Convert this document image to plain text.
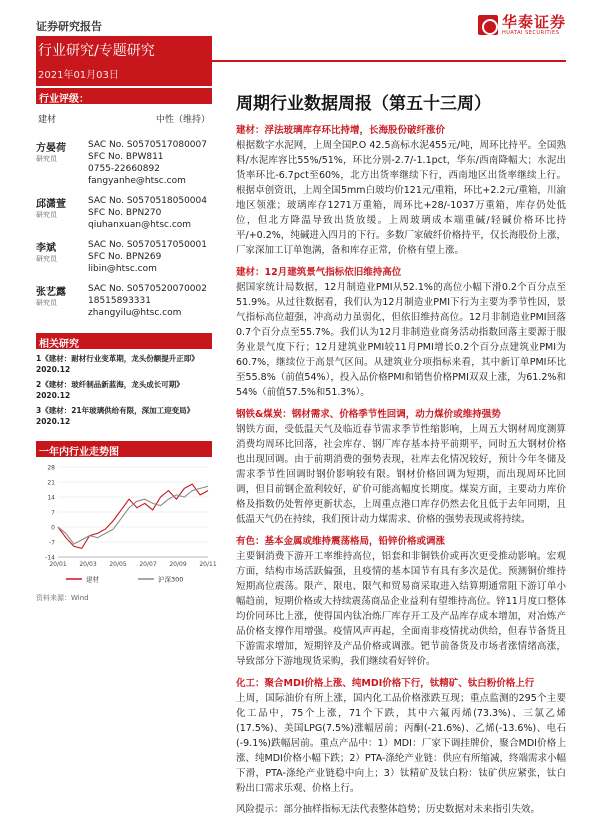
证券研究报告	华泰证券
HUATAI SECURITIES
行业研究/专题研究
2021年01月03日
行业评级：
建材	中性（维持）
方晏荷
研究员
SAC No. S0570517080007
SFC No. BPW811
0755-22660892
fangyanhe@htsc.com
邱潇萱
研究员
SAC No. S0570518050004
SFC No. BPN270
qiuhanxuan@htsc.com
李斌
研究员
SAC No. S0570517050001
SFC No. BPN269
libin@htsc.com
张艺露
研究员
SAC No. S0570520070002
18515893331
zhangyilu@htsc.com
相关研究
1《建材：耐材行业变革期，龙头份额提升正即》2020.12
2《建材：玻纤制品新蓝海，龙头成长可期》2020.12
3《建材：21年玻璃供给有限，深加工迎变局》2020.12
一年内行业走势图
28
21
14
7
0
-7
-14
20/01 20/03 20/05 20/07 20/09 20/11
建材	沪深300
资料来源：Wind
周期行业数据周报（第五十三周）
建材：浮法玻璃库存环比持增，长海股份破纤涨价
根据数字水泥网，上周全国P.O 42.5高标水泥455元/吨，周环比持平。全国熟料/水泥库容比55%/51%，环比分别-2.7/-1.1pct，华东/西南降幅大；水泥出货率环比-6.7pct至60%，北方出货率继续下行，西南地区出货率继续上行。根据卓创资讯，上周全国5mm白玻均价121元/重箱，环比+2.2元/重箱，川渝地区领涨；玻璃库存1271万重箱，周环比+28/-1037万重箱，库存仍处低位，但北方降温导致出货放缓。上周玻璃成本端重碱/轻碱价格环比持平/+0.2%，纯碱进入四月的下行。多数厂家破纤价格持平，仅长海股份上涨，厂家深加工订单饱满，备和库存正常，价格有望上涨。
建材：12月建筑景气指标依旧维持高位
据国家统计局数据，12月制造业PMI从52.1%的高位小幅下滑0.2个百分点至51.9%。从过往数据看，我们认为12月制造业PMI下行为主要为季节性因，景气指标高位超强，冲高动力虽弱化，但依旧维持高位。12月非制造业PMI回落0.7个百分点至55.7%。我们认为12月非制造业商务活动指数回落主要源于服务业景气度下行；12月建筑业PMI较11月PMI增长0.2个百分点建筑业PMI为60.7%，继续位于高景气区间。从建筑业分项指标来看，其中新订单PMI环比至55.8%（前值54%），投入品价格PMI和销售价格PMI双双上涨，为61.2%和54%（前值57.5%和51.3%）。
钢铁&煤炭：钢材需求、价格季节性回调，动力煤价或维持强势
钢铁方面，受低温天气及临近春节需求季节性缩影响，上周五大钢材周度测算消费均周环比回落，社会库存、钢厂库存基本持平前期平，同时五大钢材价格也出现回调。由于前期消费的强势表现，社库去化情况较好，预计今年冬储及需求季节性回调时钢价影响较有限。钢材价格回调为短期，而出现周环比回调，但目前钢企盈利较好，矿价可能高幅度长期度。煤炭方面，主要动力库价格及指数仍处暂停更新状态，上周重点港口库存仍然去化且低于去年同期，且低温天气仍在持续，我们预计动力煤需求、价格的强势表现或将持续。
有色：基本金属或维持震荡格局，铅锌价格或调涨
主要铜消费下游开工率维持高位，铝套和非铜铁价或再次更受推动影响。宏观方面，结构市场活跃偏强，且疫情的基本国节有具有多次是优。预测铜价维持短期高位震荡。限产、限电、限气和贸易商采取进入结算期通常阻下游订单小幅趋前，短期价格或大持续震荡商品企业益利有望维持高位。锌11月度口整体均价同环比上涨，使得国内钛冶炼厂库存开工及产品库存成本增加，对冶炼产品价格支撑作用增强。疫情风声再起，全面南非疫情扰动供给，但春节备货且下游需求增加，短期锌及产品价格或调涨。钯节前备货及市场者涨情绪高涨，导致部分下游地现货采购，我们继续看好锌价。
化工：聚合MDI价格上涨、纯MDI价格下行，钛精矿、钛白粉价格上行
上周，国际油价有所上涨，国内化工品价格涨跌互现；重点监测的295个主要化工品中，75个上涨，71个下跌，其中六氟丙烯(73.3%)、三氯乙烯(17.5%)、美国LPG(7.5%)涨幅居前；丙酮(-21.6%)、乙烯(-13.6%)、电石(-9.1%)跌幅居前。重点产品中：1）MDI：厂家下调挂牌价，聚合MDI价格上涨、纯MDI价格小幅下跌；2）PTA-涤纶产业链：供应有所缩减，终端需求小幅下滑，PTA-涤纶产业链稳中向上；3）钛精矿及钛白粉：钛矿供应紧张，钛白粉出口需求乐观、价格上行。
风险提示：部分抽样指标无法代表整体趋势；历史数据对未来指引失效。
